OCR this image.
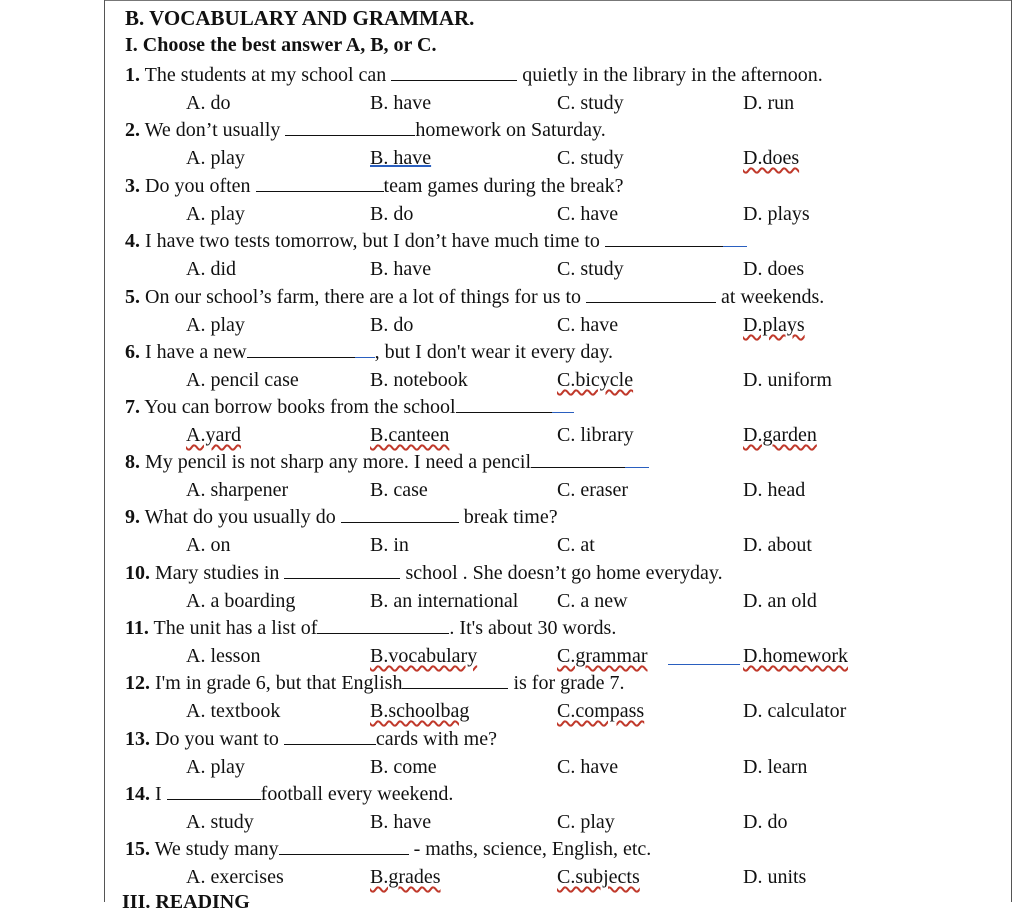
B. VOCABULARY AND GRAMMAR.
I. Choose the best answer A, B, or C.
1. The students at my school can	quietly in the library in the afternoon.
A. do	B. have	C. study	D. run
2. We don’t usually	homework on Saturday.
A. play	B. have	C. study	D.does
3. Do you often	team games during the break?
A. play	B. do	C. have	D. plays
4. I have two tests tomorrow, but I don’t have much time to
A. did	B. have	C. study	D. does
5. On our school’s farm, there are a lot of things for us to	at weekends.
A. play	B. do	C. have	D.plays
6. I have a new	, but I don't wear it every day.
A. pencil case	B. notebook	C.bicycle	D. uniform
7. You can borrow books from the school
A.yard	B.canteen	C. library	D.garden
8. My pencil is not sharp any more. I need a pencil
A. sharpener	B. case	C. eraser	D. head
9. What do you usually do	break time?
A. on	B. in	C. at	D. about
10. Mary studies in	school . She doesn’t go home everyday.
A. a boarding	B. an international C. a new	D. an old
11. The unit has a list of	. It's about 30 words.
A. lesson	B.vocabulary	C.grammar	D.homework
12. I'm in grade 6, but that English	is for grade 7.
A. textbook	B.schoolbag	C.compass	D. calculator
13. Do you want to	cards with me?
A. play	B. come	C. have	D. learn
14. I	football every weekend.
A. study	B. have	C. play	D. do
15. We study many	- maths, science, English, etc.
A. exercises	B.grades	C.subjects	D. units
III. READING
